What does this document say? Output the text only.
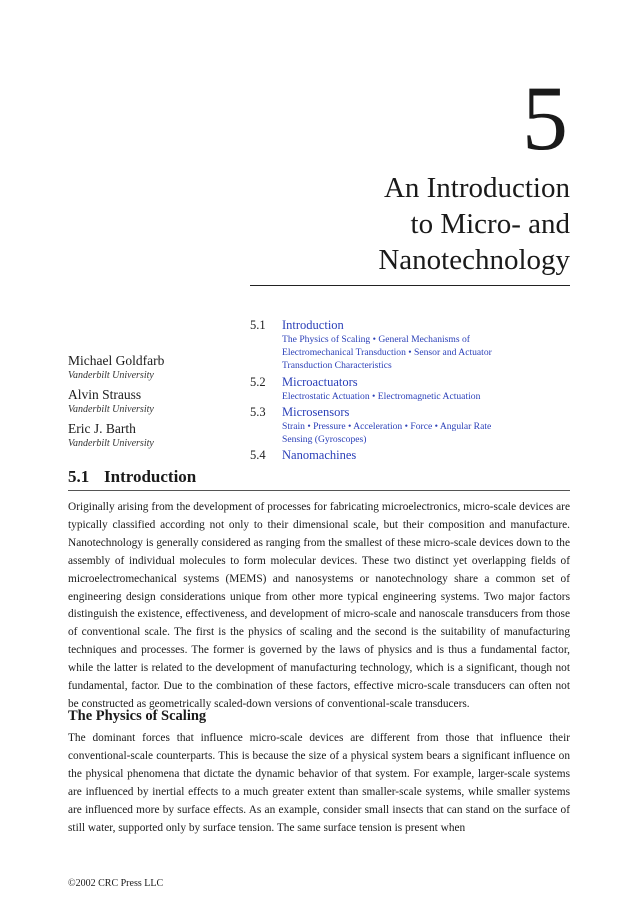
5
An Introduction
to Micro- and
Nanotechnology
Michael Goldfarb
Vanderbilt University
Alvin Strauss
Vanderbilt University
Eric J. Barth
Vanderbilt University
5.1 Introduction
The Physics of Scaling • General Mechanisms of
Electromechanical Transduction • Sensor and Actuator
Transduction Characteristics
5.2 Microactuators
Electrostatic Actuation • Electromagnetic Actuation
5.3 Microsensors
Strain • Pressure • Acceleration • Force • Angular Rate
Sensing (Gyroscopes)
5.4 Nanomachines
5.1 Introduction
Originally arising from the development of processes for fabricating microelectronics, micro-scale devices are typically classified according not only to their dimensional scale, but their composition and manufacture. Nanotechnology is generally considered as ranging from the smallest of these micro-scale devices down to the assembly of individual molecules to form molecular devices. These two distinct yet overlapping fields of microelectromechanical systems (MEMS) and nanosystems or nanotechnology share a common set of engineering design considerations unique from other more typical engineering systems. Two major factors distinguish the existence, effectiveness, and development of micro-scale and nanoscale transducers from those of conventional scale. The first is the physics of scaling and the second is the suitability of manufacturing techniques and processes. The former is governed by the laws of physics and is thus a fundamental factor, while the latter is related to the development of manufacturing technology, which is a significant, though not fundamental, factor. Due to the combination of these factors, effective micro-scale transducers can often not be constructed as geometrically scaled-down versions of conventional-scale transducers.
The Physics of Scaling
The dominant forces that influence micro-scale devices are different from those that influence their conventional-scale counterparts. This is because the size of a physical system bears a significant influence on the physical phenomena that dictate the dynamic behavior of that system. For example, larger-scale systems are influenced by inertial effects to a much greater extent than smaller-scale systems, while smaller systems are influenced more by surface effects. As an example, consider small insects that can stand on the surface of still water, supported only by surface tension. The same surface tension is present when
©2002 CRC Press LLC
